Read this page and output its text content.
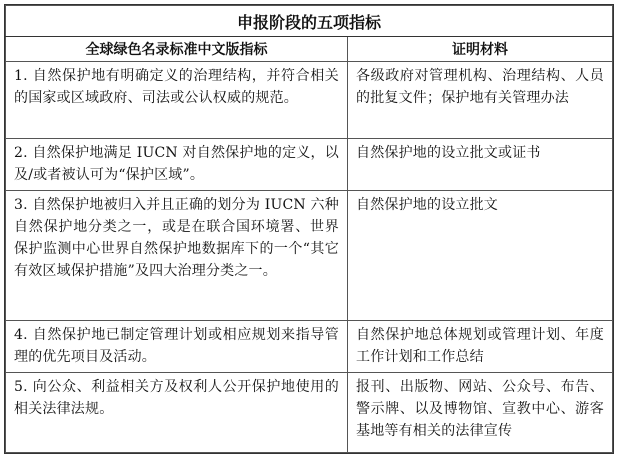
申报阶段的五项指标	
全球绿色名录标准中文版指标	证明材料

1. 自然保护地有明确定义的治理结构，并符合相关的国家或区域政府、司法或公认权威的规范。	各级政府对管理机构、治理结构、人员的批复文件；保护地有关管理办法

2. 自然保护地满足 IUCN 对自然保护地的定义，以及/或者被认可为“保护区域”。	自然保护地的设立批文或证书

3. 自然保护地被归入并且正确的划分为 IUCN 六种自然保护地分类之一，或是在联合国环境署、世界保护监测中心世界自然保护地数据库下的一个“其它有效区域保护措施”及四大治理分类之一。	自然保护地的设立批文

4. 自然保护地已制定管理计划或相应规划来指导管理的优先项目及活动。	自然保护地总体规划或管理计划、年度工作计划和工作总结

5. 向公众、利益相关方及权利人公开保护地使用的相关法律法规。	报刊、出版物、网站、公众号、布告、警示牌、以及博物馆、宣教中心、游客基地等有相关的法律宣传
